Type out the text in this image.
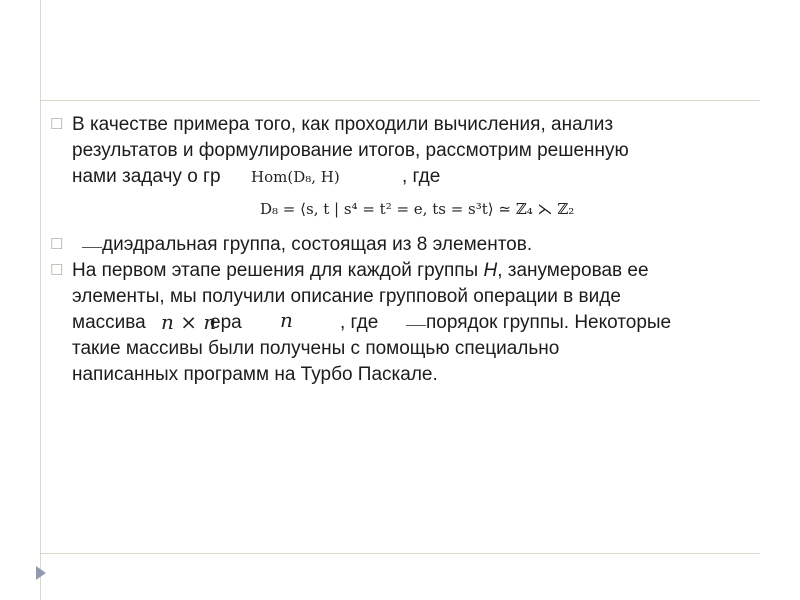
☐ В качестве примера того, как проходили вычисления, анализ
результатов и формулирование итогов, рассмотрим решенную
нами задачу о гр Hom(D₈, H)	, где
D₈ = ⟨s, t | s⁴ = t² = e, ts = s³t⟩ ≃ ℤ₄ ⋋ ℤ₂
☐ диэдральная группа, состоящая из 8 элементов.
☐ На первом этапе решения для каждой группы H, занумеровав ее
элементы, мы получили описание групповой операции в виде
массива n × n
ера n , где	порядок группы. Некоторые
такие массивы были получены с помощью специально
написанных программ на Турбо Паскале.
